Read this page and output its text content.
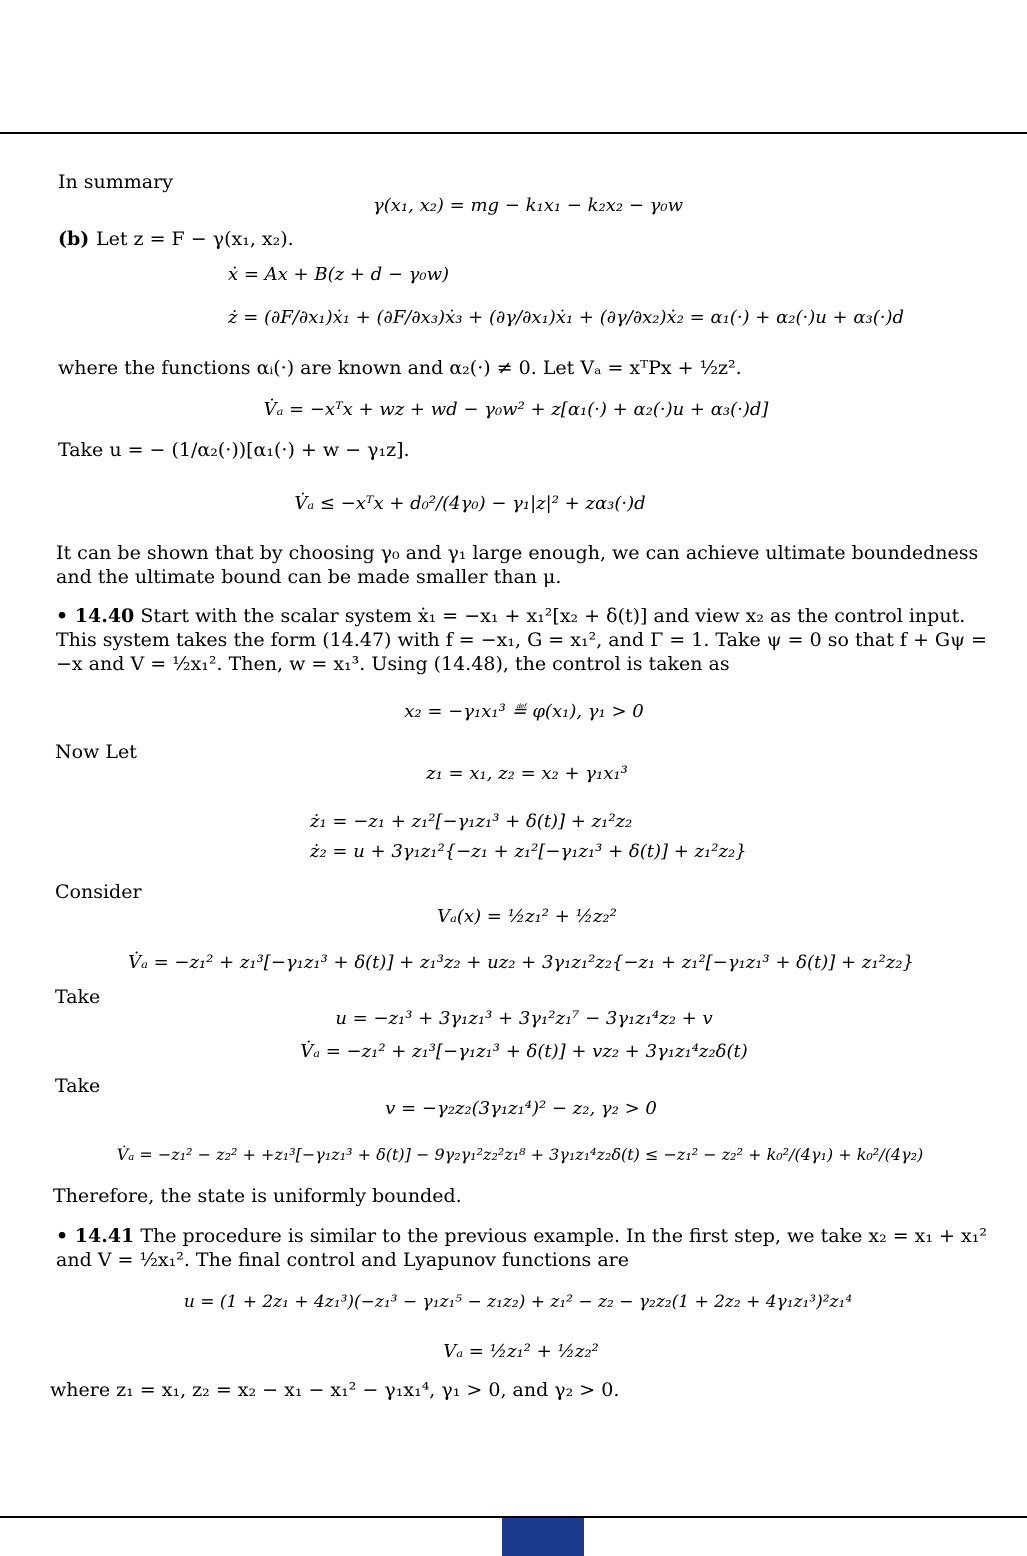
In summary
γ(x₁, x₂) = mg − k₁x₁ − k₂x₂ − γ₀w
(b) Let z = F − γ(x₁, x₂).
ẋ = Ax + B(z + d − γ₀w)
ż = (∂F/∂x₁)ẋ₁ + (∂F/∂x₃)ẋ₃ + (∂γ/∂x₁)ẋ₁ + (∂γ/∂x₂)ẋ₂ = α₁(·) + α₂(·)u + α₃(·)d
where the functions αᵢ(·) are known and α₂(·) ≠ 0. Let Vₐ = xᵀPx + ½z².
V̇ₐ = −xᵀx + wz + wd − γ₀w² + z[α₁(·) + α₂(·)u + α₃(·)d]
Take u = − (1/α₂(·))[α₁(·) + w − γ₁z].
V̇ₐ ≤ −xᵀx + d₀²/(4γ₀) − γ₁|z|² + zα₃(·)d
It can be shown that by choosing γ₀ and γ₁ large enough, we can achieve ultimate boundedness and the ultimate bound can be made smaller than μ.
• 14.40 Start with the scalar system ẋ₁ = −x₁ + x₁²[x₂ + δ(t)] and view x₂ as the control input. This system takes the form (14.47) with f = −x₁, G = x₁², and Γ = 1. Take ψ = 0 so that f + Gψ = −x and V = ½x₁². Then, w = x₁³. Using (14.48), the control is taken as
x₂ = −γ₁x₁³ ≝ φ(x₁), γ₁ > 0
Now Let
z₁ = x₁, z₂ = x₂ + γ₁x₁³
ż₁ = −z₁ + z₁²[−γ₁z₁³ + δ(t)] + z₁²z₂
ż₂ = u + 3γ₁z₁²{−z₁ + z₁²[−γ₁z₁³ + δ(t)] + z₁²z₂}
Consider
Vₐ(x) = ½z₁² + ½z₂²
V̇ₐ = −z₁² + z₁³[−γ₁z₁³ + δ(t)] + z₁³z₂ + uz₂ + 3γ₁z₁²z₂{−z₁ + z₁²[−γ₁z₁³ + δ(t)] + z₁²z₂}
Take
u = −z₁³ + 3γ₁z₁³ + 3γ₁²z₁⁷ − 3γ₁z₁⁴z₂ + v
V̇ₐ = −z₁² + z₁³[−γ₁z₁³ + δ(t)] + vz₂ + 3γ₁z₁⁴z₂δ(t)
Take
v = −γ₂z₂(3γ₁z₁⁴)² − z₂, γ₂ > 0
V̇ₐ = −z₁² − z₂² + +z₁³[−γ₁z₁³ + δ(t)] − 9γ₂γ₁²z₂²z₁⁸ + 3γ₁z₁⁴z₂δ(t) ≤ −z₁² − z₂² + k₀²/(4γ₁) + k₀²/(4γ₂)
Therefore, the state is uniformly bounded.
• 14.41 The procedure is similar to the previous example. In the first step, we take x₂ = x₁ + x₁² and V = ½x₁². The final control and Lyapunov functions are
u = (1 + 2z₁ + 4z₁³)(−z₁³ − γ₁z₁⁵ − z₁z₂) + z₁² − z₂ − γ₂z₂(1 + 2z₂ + 4γ₁z₁³)²z₁⁴
Vₐ = ½z₁² + ½z₂²
where z₁ = x₁, z₂ = x₂ − x₁ − x₁² − γ₁x₁⁴, γ₁ > 0, and γ₂ > 0.
